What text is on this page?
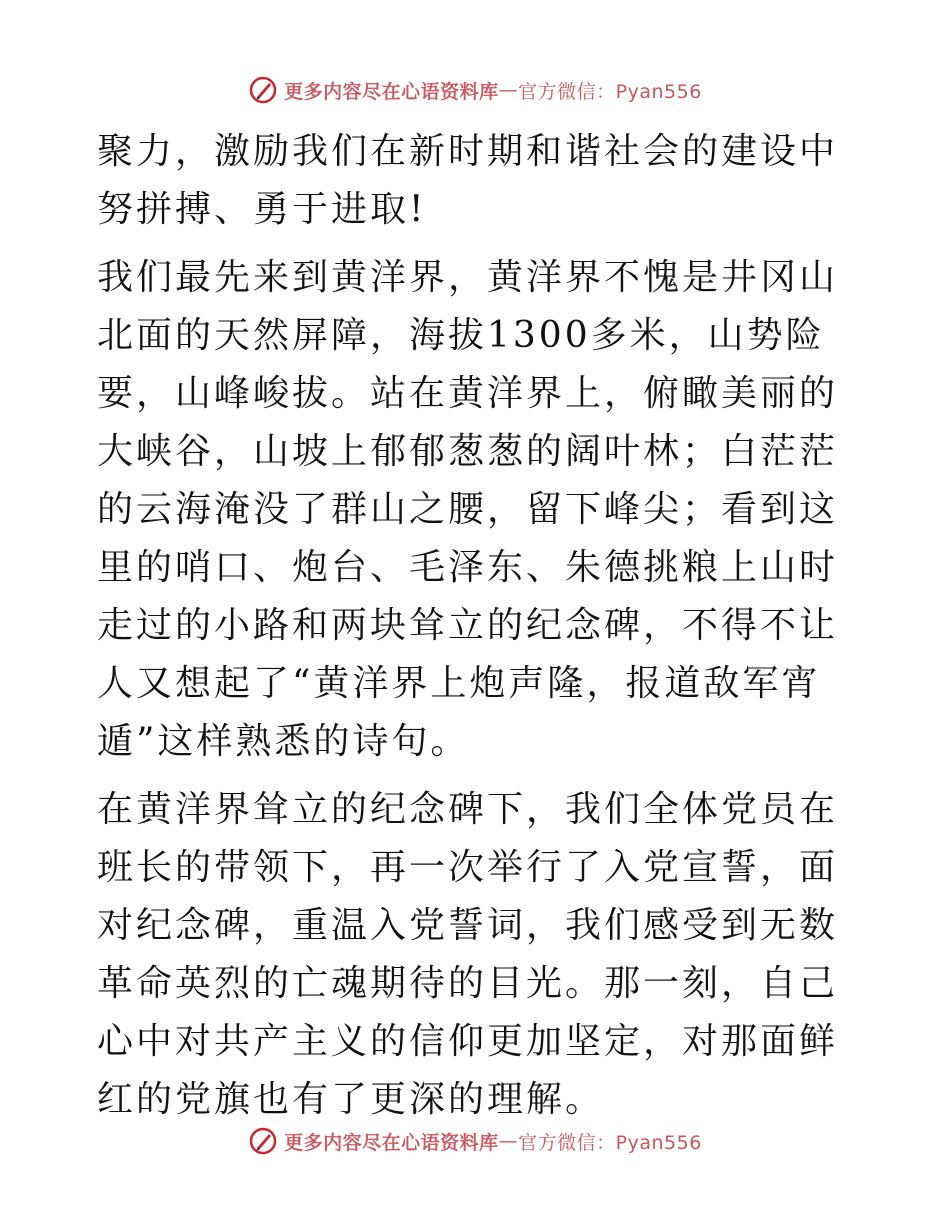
更多内容尽在心语资料库 — 官方微信：Pyan556

聚力，激励我们在新时期和谐社会的建设中努拼搏、勇于进取!

我们最先来到黄洋界，黄洋界不愧是井冈山北面的天然屏障，海拔1300多米，山势险要，山峰峻拔。站在黄洋界上，俯瞰美丽的大峡谷，山坡上郁郁葱葱的阔叶林；白茫茫的云海淹没了群山之腰，留下峰尖；看到这里的哨口、炮台、毛泽东、朱德挑粮上山时走过的小路和两块耸立的纪念碑，不得不让人又想起了“黄洋界上炮声隆，报道敌军宵遁”这样熟悉的诗句。

在黄洋界耸立的纪念碑下，我们全体党员在班长的带领下，再一次举行了入党宣誓，面对纪念碑，重温入党誓词，我们感受到无数革命英烈的亡魂期待的目光。那一刻，自己心中对共产主义的信仰更加坚定，对那面鲜红的党旗也有了更深的理解。

更多内容尽在心语资料库 — 官方微信：Pyan556
